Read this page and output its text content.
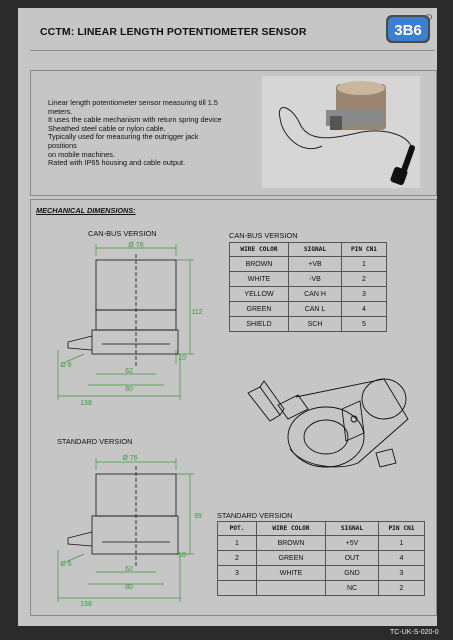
CCTM: LINEAR LENGTH POTENTIOMETER SENSOR	3B6
Linear length potentiometer sensor measuring till 1.5
meters.
It uses the cable mechanism with return spring device
Sheathed steel cable or nylon cable.
Typically used for measuring the outrigger jack positions
on mobile machines.
Rated with IP65 housing and cable output.
MECHANICAL DIMENSIONS:
CAN-BUS VERSION
Ø 76
112
10
Ø 8
62
80
138
STANDARD VERSION
Ø 76
99
10
Ø 6
62
80
138
CAN-BUS VERSION
WIRE COLOR	SIGNAL	PIN CN1
BROWN	+VB	1
WHITE	-VB	2
YELLOW	CAN H	3
GREEN	CAN L	4
SHIELD	SCH	5
STANDARD VERSION
POT.	WIRE COLOR	SIGNAL	PIN CN1
1	BROWN	+5V	1
2	GREEN	OUT	4
3	WHITE	GND	3
		NC	2
TC-UK-S-020-0
